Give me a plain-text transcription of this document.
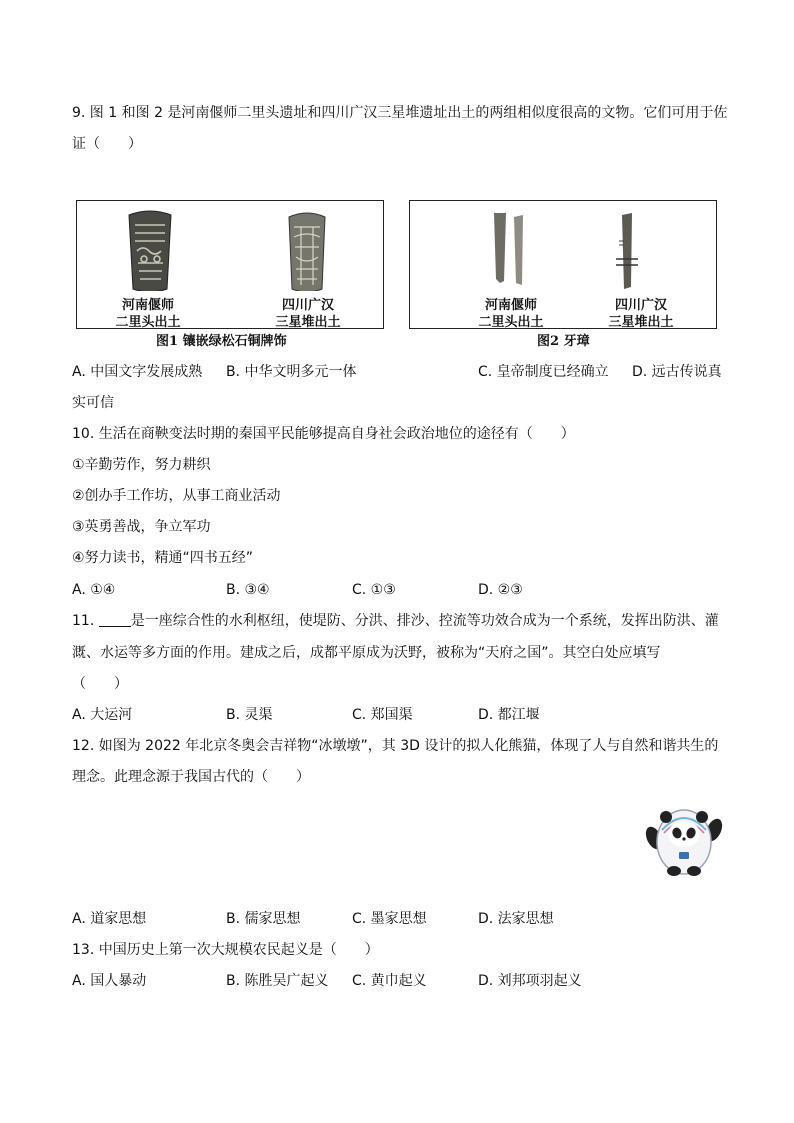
9. 图 1 和图 2 是河南偃师二里头遗址和四川广汉三星堆遗址出土的两组相似度很高的文物。它们可用于佐
证（　　）
河南偃师
二里头出土
四川广汉
三星堆出土
图1 镶嵌绿松石铜牌饰
河南偃师
二里头出土
四川广汉
三星堆出土
图2 牙璋
A. 中国文字发展成熟 B. 中华文明多元一体	C. 皇帝制度已经确立 D. 远古传说真
实可信
10. 生活在商鞅变法时期的秦国平民能够提高自身社会政治地位的途径有（　　）
①辛勤劳作，努力耕织
②创办手工作坊，从事工商业活动
③英勇善战，争立军功
④努力读书，精通“四书五经”
A. ①④	B. ③④	C. ①③	D. ②③
11. 是一座综合性的水利枢纽，使堤防、分洪、排沙、控流等功效合成为一个系统，发挥出防洪、灌
溉、水运等多方面的作用。建成之后，成都平原成为沃野，被称为“天府之国”。其空白处应填写
（　　）
A. 大运河	B. 灵渠	C. 郑国渠	D. 都江堰
12. 如图为 2022 年北京冬奥会吉祥物“冰墩墩”，其 3D 设计的拟人化熊猫，体现了人与自然和谐共生的
理念。此理念源于我国古代的（　　）
A. 道家思想	B. 儒家思想	C. 墨家思想	D. 法家思想
13. 中国历史上第一次大规模农民起义是（　　）
A. 国人暴动	B. 陈胜吴广起义 C. 黄巾起义	D. 刘邦项羽起义
